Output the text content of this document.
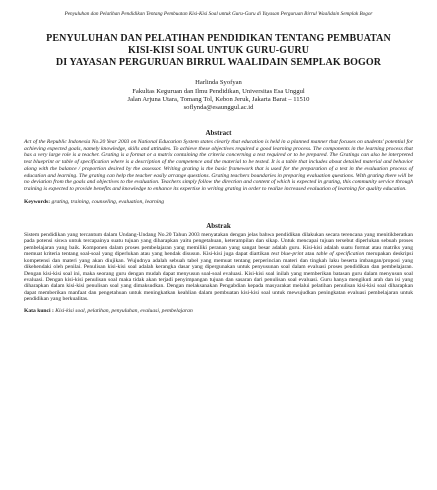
Penyuluhan dan Pelatihan Pendidikan Tentang Pembuatan Kisi-Kisi Soal untuk Guru-Guru di Yayasan Perguruan Birrul Waalidain Semplak Bogor
PENYULUHAN DAN PELATIHAN PENDIDIKAN TENTANG PEMBUATAN
KISI-KISI SOAL UNTUK GURU-GURU
DI YAYASAN PERGURUAN BIRRUL WAALIDAIN SEMPLAK BOGOR
Harlinda Syofyan
Fakultas Keguruan dan Ilmu Pendidikan, Universitas Esa Unggul
Jalan Arjuna Utara, Tomang Tol, Kebon Jeruk, Jakarta Barat – 11510
soflynda@esaunggul.ac.id
Abstract

Act of the Republic Indonesia No.20 Year 2003 on National Education System states clearly that education is held in a planned manner that focuses on students' potential for achieving expected goals, namely knowledge, skills and attitudes. To achieve these objectives required a good learning process. The components in the learning process that has a very large role is a teacher. Grating is a format or a matrix containing the criteria concerning a test required or to be prepared. The Gratings can also be interpreted test blueprint or table of specification where is a description of the competence and the material to be tested. It is a table that includes about detailed material and behavior along with the balance / proportion desired by the assessor. Writing grating is the basic framework that is used for the preparation of a test in the evaluation process of education and learning. The grating can help the teacher easily arrange questions. Grating teachers boundaries in preparing evaluation questions. With grating there will be no deviation from the goals and objectives to the evaluation. Teachers simply follow the direction and content of which is expected in grating, this community service through training is expected to provide benefits and knowledge to enhance its expertise in writing grating in order to realize increased evaluation of learning for quality education.

Keywords: grating, training, counseling, evaluation, learning
Abstrak

Sistem pendidikan yang tercantum dalam Undang-Undang No.20 Tahun 2003 menyatakan dengan jelas bahwa pendidikan dilakukan secara terencana yang menitikberatkan pada potensi siswa untuk tercapainya suatu tujuan yang diharapkan yaitu pengetahuan, keterampilan dan sikap. Untuk mencapai tujuan tersebut diperlukan sebuah proses pembelajaran yang baik. Komponen dalam proses pembelajaran yang memiliki peranan yang sangat besar adalah guru. Kisi-kisi adalah suatu format atau matriks yang memuat kriteria tentang soal-soal yang diperlukan atau yang hendak disusun. Kisi-kisi juga dapat diartikan test blue-print atau table of specification merupakan deskripsi kompetensi dan materi yang akan diujikan. Wujudnya adalah sebuah tabel yang memuat tentang perperincian materi dan tingkah laku beserta imbangan/proposi yang dikehendaki oleh penilai. Penulisan kisi-kisi soal adalah kerangka dasar yang dipergunakan untuk penyusunan soal dalam evaluasi proses pendidikan dan pembelajaran. Dengan kisi-kisi soal ini, maka seorang guru dengan mudah dapat menyusun soal-soal evaluasi. Kisi-kisi soal inilah yang memberikan batasan guru dalam menyusun soal evaluasi. Dengan kisi-kisi penulisan soal maka tidak akan terjadi penyimpangan tujuan dan sasaran dari penulisan soal evaluasi. Guru hanya mengikuti arah dan isi yang diharapkan dalam kisi-kisi penulisan soal yang dimaksudkan. Dengan melaksanakan Pengabdian kepada masyarakat melalui pelatihan penulisan kisi-kisi soal diharapkan dapat memberikan manfaat dan pengetahuan untuk meningkatkan keahlian dalam pembuatan kisi-kisi soal untuk mewujudkan peningkatan evaluasi pembelajaran untuk pendidikan yang berkualitas.

Kata kunci : Kisi-kisi soal, pelatihan, penyuluhan, evaluasi, pembelajaran
